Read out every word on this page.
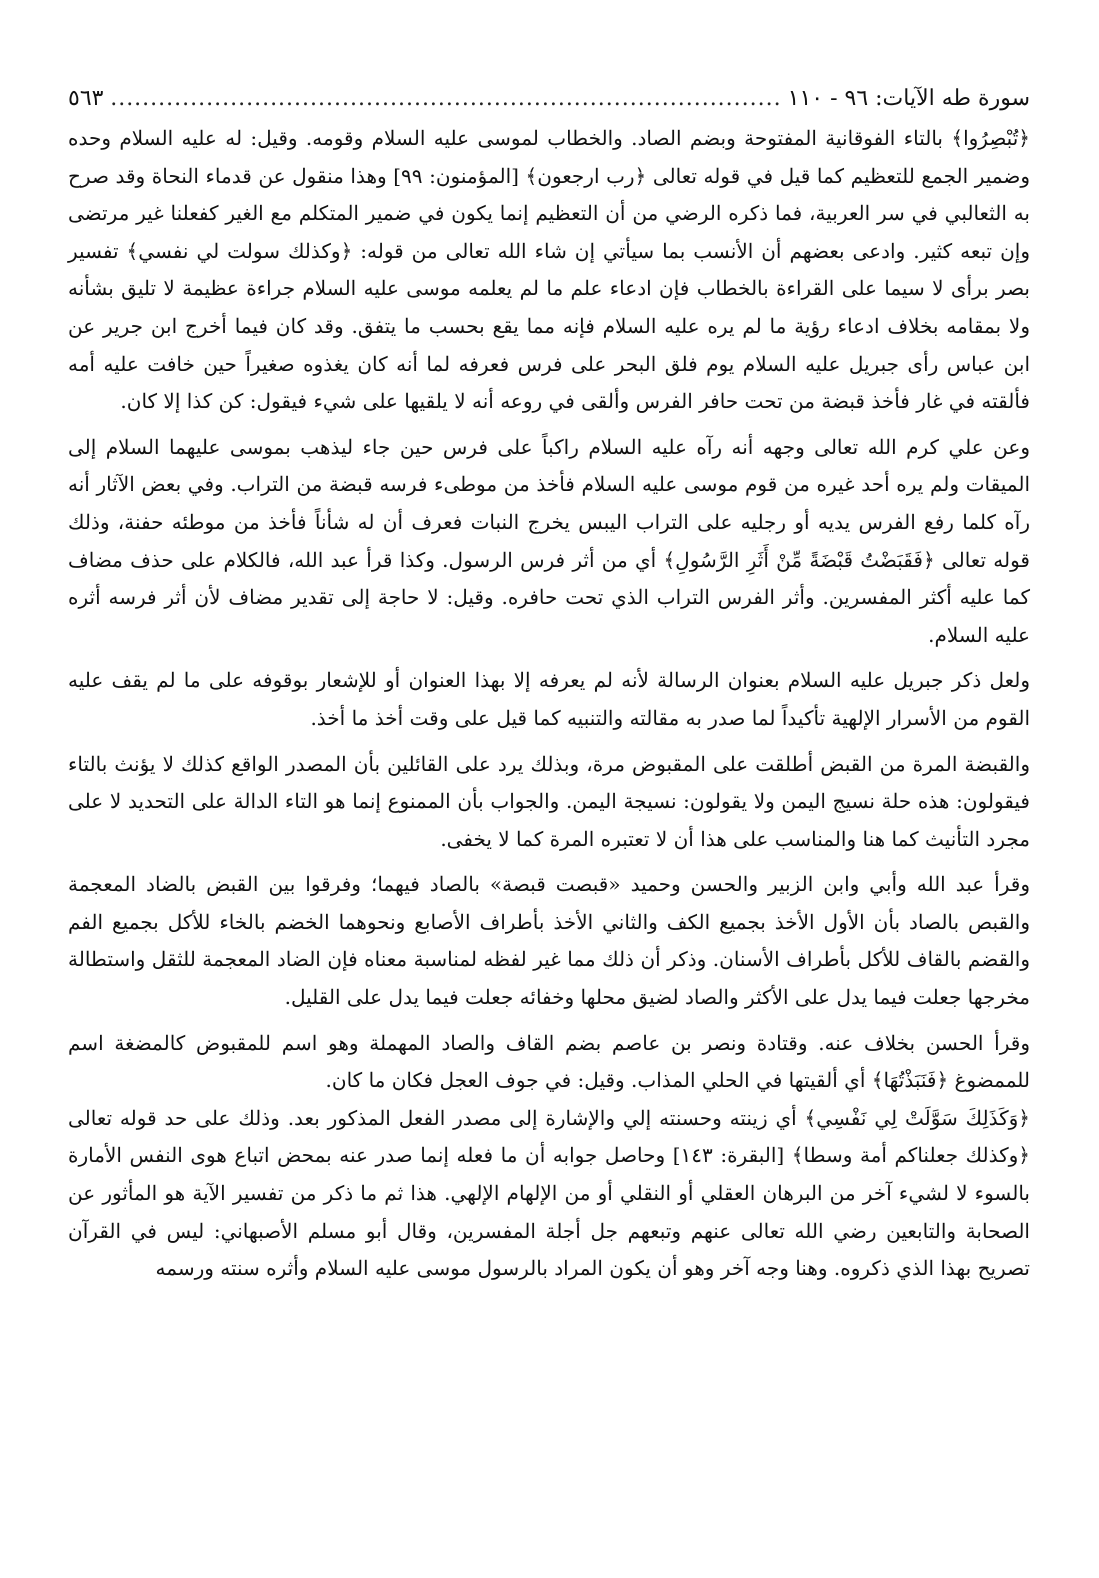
سورة طه الآيات: ٩٦ - ١١٠
.....
٥٦٣

﴿تُبْصِرُوا﴾ بالتاء الفوقانية المفتوحة وبضم الصاد. والخطاب لموسى عليه السلام وقومه. وقيل: له عليه السلام وحده وضمير الجمع للتعظيم كما قيل في قوله تعالى ﴿رب ارجعون﴾ [المؤمنون: ٩٩] وهذا منقول عن قدماء النحاة وقد صرح به الثعالبي في سر العربية، فما ذكره الرضي من أن التعظيم إنما يكون في ضمير المتكلم مع الغير كفعلنا غير مرتضى وإن تبعه كثير. وادعى بعضهم أن الأنسب بما سيأتي إن شاء الله تعالى من قوله: ﴿وكذلك سولت لي نفسي﴾ تفسير بصر برأى لا سيما على القراءة بالخطاب فإن ادعاء علم ما لم يعلمه موسى عليه السلام جراءة عظيمة لا تليق بشأنه ولا بمقامه بخلاف ادعاء رؤية ما لم يره عليه السلام فإنه مما يقع بحسب ما يتفق. وقد كان فيما أخرج ابن جرير عن ابن عباس رأى جبريل عليه السلام يوم فلق البحر على فرس فعرفه لما أنه كان يغذوه صغيراً حين خافت عليه أمه فألقته في غار فأخذ قبضة من تحت حافر الفرس وألقى في روعه أنه لا يلقيها على شيء فيقول: كن كذا إلا كان.

وعن علي كرم الله تعالى وجهه أنه رآه عليه السلام راكباً على فرس حين جاء ليذهب بموسى عليهما السلام إلى الميقات ولم يره أحد غيره من قوم موسى عليه السلام فأخذ من موطىء فرسه قبضة من التراب. وفي بعض الآثار أنه رآه كلما رفع الفرس يديه أو رجليه على التراب اليبس يخرج النبات فعرف أن له شأناً فأخذ من موطئه حفنة، وذلك قوله تعالى ﴿فَقَبَضْتُ قَبْضَةً مِّنْ أَثَرِ الرَّسُولِ﴾ أي من أثر فرس الرسول. وكذا قرأ عبد الله، فالكلام على حذف مضاف كما عليه أكثر المفسرين. وأثر الفرس التراب الذي تحت حافره. وقيل: لا حاجة إلى تقدير مضاف لأن أثر فرسه أثره عليه السلام.

ولعل ذكر جبريل عليه السلام بعنوان الرسالة لأنه لم يعرفه إلا بهذا العنوان أو للإشعار بوقوفه على ما لم يقف عليه القوم من الأسرار الإلهية تأكيداً لما صدر به مقالته والتنبيه كما قيل على وقت أخذ ما أخذ.

والقبضة المرة من القبض أطلقت على المقبوض مرة، وبذلك يرد على القائلين بأن المصدر الواقع كذلك لا يؤنث بالتاء فيقولون: هذه حلة نسيج اليمن ولا يقولون: نسيجة اليمن. والجواب بأن الممنوع إنما هو التاء الدالة على التحديد لا على مجرد التأنيث كما هنا والمناسب على هذا أن لا تعتبره المرة كما لا يخفى.

وقرأ عبد الله وأبي وابن الزبير والحسن وحميد «قبصت قبصة» بالصاد فيهما؛ وفرقوا بين القبض بالضاد المعجمة والقبص بالصاد بأن الأول الأخذ بجميع الكف والثاني الأخذ بأطراف الأصابع ونحوهما الخضم بالخاء للأكل بجميع الفم والقضم بالقاف للأكل بأطراف الأسنان. وذكر أن ذلك مما غير لفظه لمناسبة معناه فإن الضاد المعجمة للثقل واستطالة مخرجها جعلت فيما يدل على الأكثر والصاد لضيق محلها وخفائه جعلت فيما يدل على القليل.

وقرأ الحسن بخلاف عنه. وقتادة ونصر بن عاصم بضم القاف والصاد المهملة وهو اسم للمقبوض كالمضغة اسم للممضوغ ﴿فَنَبَذْتُهَا﴾ أي ألقيتها في الحلي المذاب. وقيل: في جوف العجل فكان ما كان.

﴿وَكَذَلِكَ سَوَّلَتْ لِي نَفْسِي﴾ أي زينته وحسنته إلي والإشارة إلى مصدر الفعل المذكور بعد. وذلك على حد قوله تعالى ﴿وكذلك جعلناكم أمة وسطا﴾ [البقرة: ١٤٣] وحاصل جوابه أن ما فعله إنما صدر عنه بمحض اتباع هوى النفس الأمارة بالسوء لا لشيء آخر من البرهان العقلي أو النقلي أو من الإلهام الإلهي. هذا ثم ما ذكر من تفسير الآية هو المأثور عن الصحابة والتابعين رضي الله تعالى عنهم وتبعهم جل أجلة المفسرين، وقال أبو مسلم الأصبهاني: ليس في القرآن تصريح بهذا الذي ذكروه. وهنا وجه آخر وهو أن يكون المراد بالرسول موسى عليه السلام وأثره سنته ورسمه
